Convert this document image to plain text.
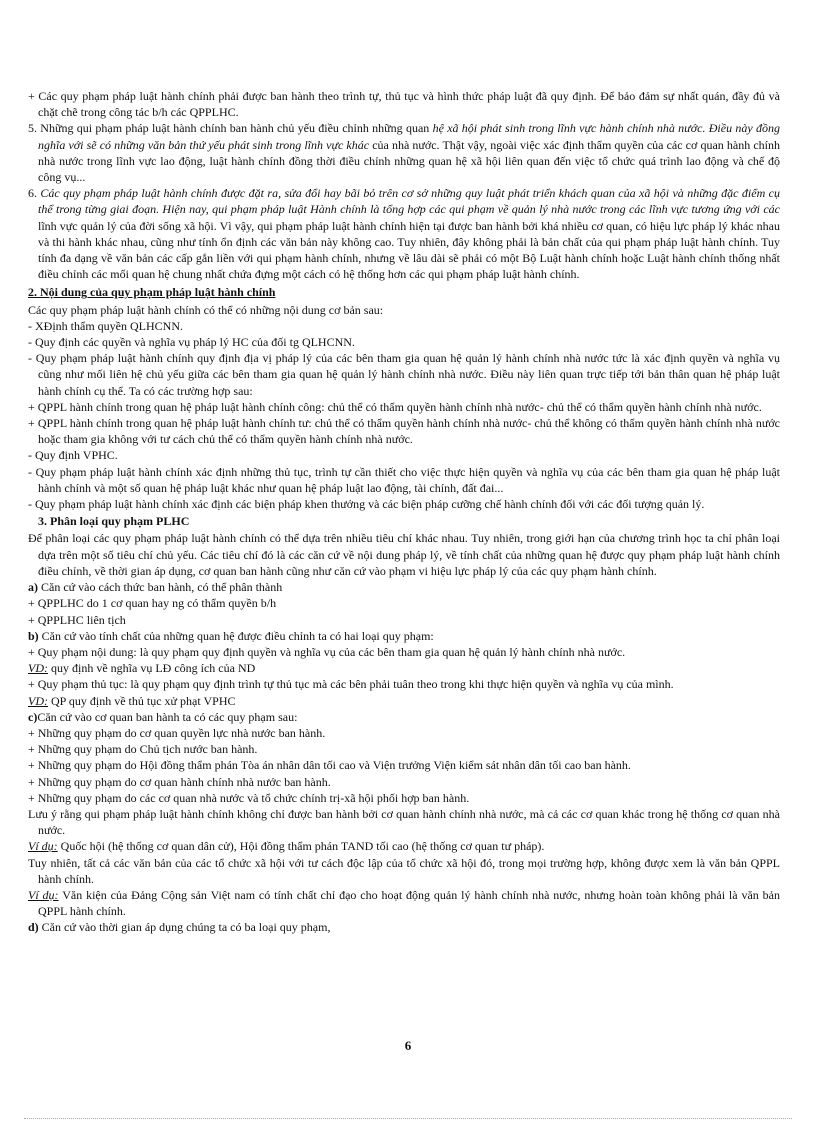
+ Các quy phạm pháp luật hành chính phải được ban hành theo trình tự, thủ tục và hình thức pháp luật đã quy định. Để bảo đảm sự nhất quán, đầy đủ và chặt chẽ trong công tác b/h các QPPLHC.

5. Những qui phạm pháp luật hành chính ban hành chủ yếu điều chỉnh những quan hệ xã hội phát sinh trong lĩnh vực hành chính nhà nước. Điều này đồng nghĩa với sẽ có những văn bản thứ yếu phát sinh trong lĩnh vực khác của nhà nước. Thật vậy, ngoài việc xác định thẩm quyền của các cơ quan hành chính nhà nước trong lĩnh vực lao động, luật hành chính đồng thời điều chỉnh những quan hệ xã hội liên quan đến việc tổ chức quá trình lao động và chế độ công vụ...

6. Các quy phạm pháp luật hành chính được đặt ra, sửa đổi hay bãi bỏ trên cơ sở những quy luật phát triển khách quan của xã hội và những đặc điểm cụ thể trong từng giai đoạn. Hiện nay, qui phạm pháp luật Hành chính là tổng hợp các qui phạm về quản lý nhà nước trong các lĩnh vực tương ứng với các lĩnh vực quản lý của đời sống xã hội. Vì vậy, qui phạm pháp luật hành chính hiện tại được ban hành bởi khá nhiều cơ quan, có hiệu lực pháp lý khác nhau và thi hành khác nhau, cũng như tính ổn định các văn bản này không cao. Tuy nhiên, đây không phải là bản chất của qui phạm pháp luật hành chính. Tuy tính đa dạng về văn bản các cấp gắn liền với qui phạm hành chính, nhưng về lâu dài sẽ phải có một Bộ Luật hành chính hoặc Luật hành chính thống nhất điều chỉnh các mối quan hệ chung nhất chứa đựng một cách có hệ thống hơn các qui phạm pháp luật hành chính.

2. Nội dung của quy phạm pháp luật hành chính

Các quy phạm pháp luật hành chính có thể có những nội dung cơ bản sau:

- XĐịnh thẩm quyền QLHCNN.

- Quy định các quyền và nghĩa vụ pháp lý HC của đối tg QLHCNN.

- Quy phạm pháp luật hành chính quy định địa vị pháp lý của các bên tham gia quan hệ quản lý hành chính nhà nước tức là xác định quyền và nghĩa vụ cũng như mối liên hệ chủ yếu giữa các bên tham gia quan hệ quản lý hành chính nhà nước. Điều này liên quan trực tiếp tới bản thân quan hệ pháp luật hành chính cụ thể. Ta có các trường hợp sau:

+ QPPL hành chính trong quan hệ pháp luật hành chính công: chủ thể có thẩm quyền hành chính nhà nước- chủ thể có thẩm quyền hành chính nhà nước.

+ QPPL hành chính trong quan hệ pháp luật hành chính tư: chủ thể có thẩm quyền hành chính nhà nước- chủ thể không có thẩm quyền hành chính nhà nước hoặc tham gia không với tư cách chủ thể có thẩm quyền hành chính nhà nước.

- Quy định VPHC.

- Quy phạm pháp luật hành chính xác định những thủ tục, trình tự cần thiết cho việc thực hiện quyền và nghĩa vụ của các bên tham gia quan hệ pháp luật hành chính và một số quan hệ pháp luật khác như quan hệ pháp luật lao động, tài chính, đất đai...

- Quy phạm pháp luật hành chính xác định các biện pháp khen thưởng và các biện pháp cưỡng chế hành chính đối với các đối tượng quản lý.

3. Phân loại quy phạm PLHC

Để phân loại các quy phạm pháp luật hành chính có thể dựa trên nhiều tiêu chí khác nhau. Tuy nhiên, trong giới hạn của chương trình học ta chỉ phân loại dựa trên một số tiêu chí chủ yếu. Các tiêu chí đó là các căn cứ về nội dung pháp lý, về tính chất của những quan hệ được quy phạm pháp luật hành chính điều chỉnh, về thời gian áp dụng, cơ quan ban hành cũng như căn cứ vào phạm vi hiệu lực pháp lý của các quy phạm hành chính.

a) Căn cứ vào cách thức ban hành, có thể phân thành

+ QPPLHC do 1 cơ quan hay ng có thẩm quyền b/h

+ QPPLHC liên tịch

b) Căn cứ vào tính chất của những quan hệ được điều chỉnh ta có hai loại quy phạm:

+ Quy phạm nội dung: là quy phạm quy định quyền và nghĩa vụ của các bên tham gia quan hệ quản lý hành chính nhà nước.

VD: quy định về nghĩa vụ LĐ công ích của ND

+ Quy phạm thủ tục: là quy phạm quy định trình tự thủ tục mà các bên phải tuân theo trong khi thực hiện quyền và nghĩa vụ của mình.

VD: QP quy định về thủ tục xử phạt VPHC

c)Căn cứ vào cơ quan ban hành ta có các quy phạm sau:

+ Những quy phạm do cơ quan quyền lực nhà nước ban hành.

+ Những quy phạm do Chủ tịch nước ban hành.

+ Những quy phạm do Hội đồng thẩm phán Tòa án nhân dân tối cao và Viện trưởng Viện kiểm sát nhân dân tối cao ban hành.

+ Những quy phạm do cơ quan hành chính nhà nước ban hành.

+ Những quy phạm do các cơ quan nhà nước và tổ chức chính trị-xã hội phối hợp ban hành.

Lưu ý rằng qui phạm pháp luật hành chính không chỉ được ban hành bởi cơ quan hành chính nhà nước, mà cả các cơ quan khác trong hệ thống cơ quan nhà nước.

Ví dụ: Quốc hội (hệ thống cơ quan dân cử), Hội đồng thẩm phán TAND tối cao (hệ thống cơ quan tư pháp).

Tuy nhiên, tất cả các văn bản của các tổ chức xã hội với tư cách độc lập của tổ chức xã hội đó, trong mọi trường hợp, không được xem là văn bản QPPL hành chính.

Ví dụ: Văn kiện của Đảng Cộng sản Việt nam có tính chất chỉ đạo cho hoạt động quản lý hành chính nhà nước, nhưng hoàn toàn không phải là văn bản QPPL hành chính.

d) Căn cứ vào thời gian áp dụng chúng ta có ba loại quy phạm,

6
